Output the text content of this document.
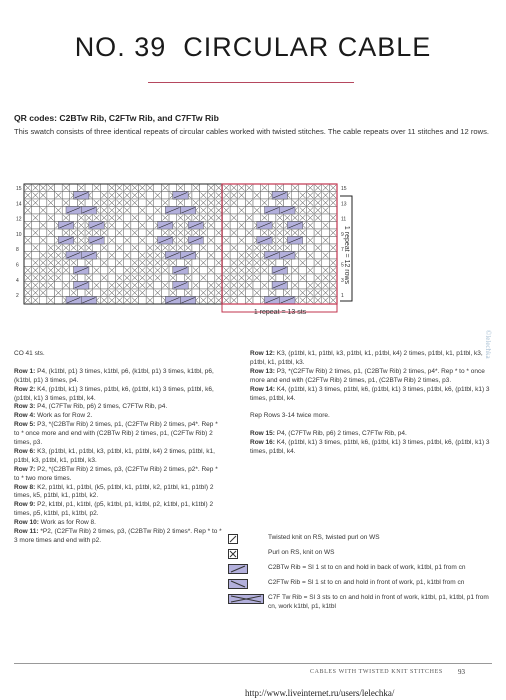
NO. 39 CIRCULAR CABLE
QR codes: C2BTw Rib, C2FTw Rib, and C7FTw Rib
This swatch consists of three identical repeats of circular cables worked with twisted stitches. The cable repeats over 11 stitches and 12 rows.
15
14
12
10
8
6
4
2
15
13
11
9
7
5
3
1
1 repeat = 12 rows
1 repeat = 13 sts

CO 41 sts.

Row 1: P4, (k1tbl, p1) 3 times, k1tbl, p6, (k1tbl, p1) 3 times, k1tbl, p6, (k1tbl, p1) 3 times, p4.

Row 2: K4, (p1tbl, k1) 3 times, p1tbl, k6, (p1tbl, k1) 3 times, p1tbl, k6, (p1tbl, k1) 3 times, p1tbl, k4.

Row 3: P4, (C7FTw Rib, p6) 2 times, C7FTw Rib, p4.

Row 4: Work as for Row 2.

Row 5: P3, *(C2BTw Rib) 2 times, p1, (C2FTw Rib) 2 times, p4*. Rep * to * once more and end with (C2BTw Rib) 2 times, p1, (C2FTw Rib) 2 times, p3.

Row 6: K3, (p1tbl, k1, p1tbl, k3, p1tbl, k1, p1tbl, k4) 2 times, p1tbl, k1, p1tbl, k3, p1tbl, k1, p1tbl, k3.

Row 7: P2, *(C2BTw Rib) 2 times, p3, (C2FTw Rib) 2 times, p2*. Rep * to * two more times.

Row 8: K2, p1tbl, k1, p1tbl, (k5, p1tbl, k1, p1tbl, k2, p1tbl, k1, p1tbl) 2 times, k5, p1tbl, k1, p1tbl, k2.

Row 9: P2, k1tbl, p1, k1tbl, (p5, k1tbl, p1, k1tbl, p2, k1tbl, p1, k1tbl) 2 times, p5, k1tbl, p1, k1tbl, p2.

Row 10: Work as for Row 8.

Row 11: *P2, (C2FTw Rib) 2 times, p3, (C2BTw Rib) 2 times*. Rep * to * 3 more times and end with p2.

Row 12: K3, (p1tbl, k1, p1tbl, k3, p1tbl, k1, p1tbl, k4) 2 times, p1tbl, k1, p1tbl, k3, p1tbl, k1, p1tbl, k3.

Row 13: P3, *(C2FTw Rib) 2 times, p1, (C2BTw Rib) 2 times, p4*. Rep * to * once more and end with (C2FTw Rib) 2 times, p1, (C2BTw Rib) 2 times, p3.

Row 14: K4, (p1tbl, k1) 3 times, p1tbl, k6, (p1tbl, k1) 3 times, p1tbl, k6, (p1tbl, k1) 3 times, p1tbl, k4.

Rep Rows 3-14 twice more.

Row 15: P4, (C7FTw Rib, p6) 2 times, C7FTw Rib, p4.

Row 16: K4, (p1tbl, k1) 3 times, p1tbl, k6, (p1tbl, k1) 3 times, p1tbl, k6, (p1tbl, k1) 3 times, p1tbl, k4.

Twisted knit on RS, twisted purl on WS
Purl on RS, knit on WS
C2BTw Rib = Sl 1 st to cn and hold in back of work, k1tbl, p1 from cn
C2FTw Rib = Sl 1 st to cn and hold in front of work, p1, k1tbl from cn
C7F Tw Rib = Sl 3 sts to cn and hold in front of work, k1tbl, p1, k1tbl, p1 from cn, work k1tbl, p1, k1tbl
CABLES WITH TWISTED KNIT STITCHES 93
http://www.liveinternet.ru/users/lelechka/
©lelechka
